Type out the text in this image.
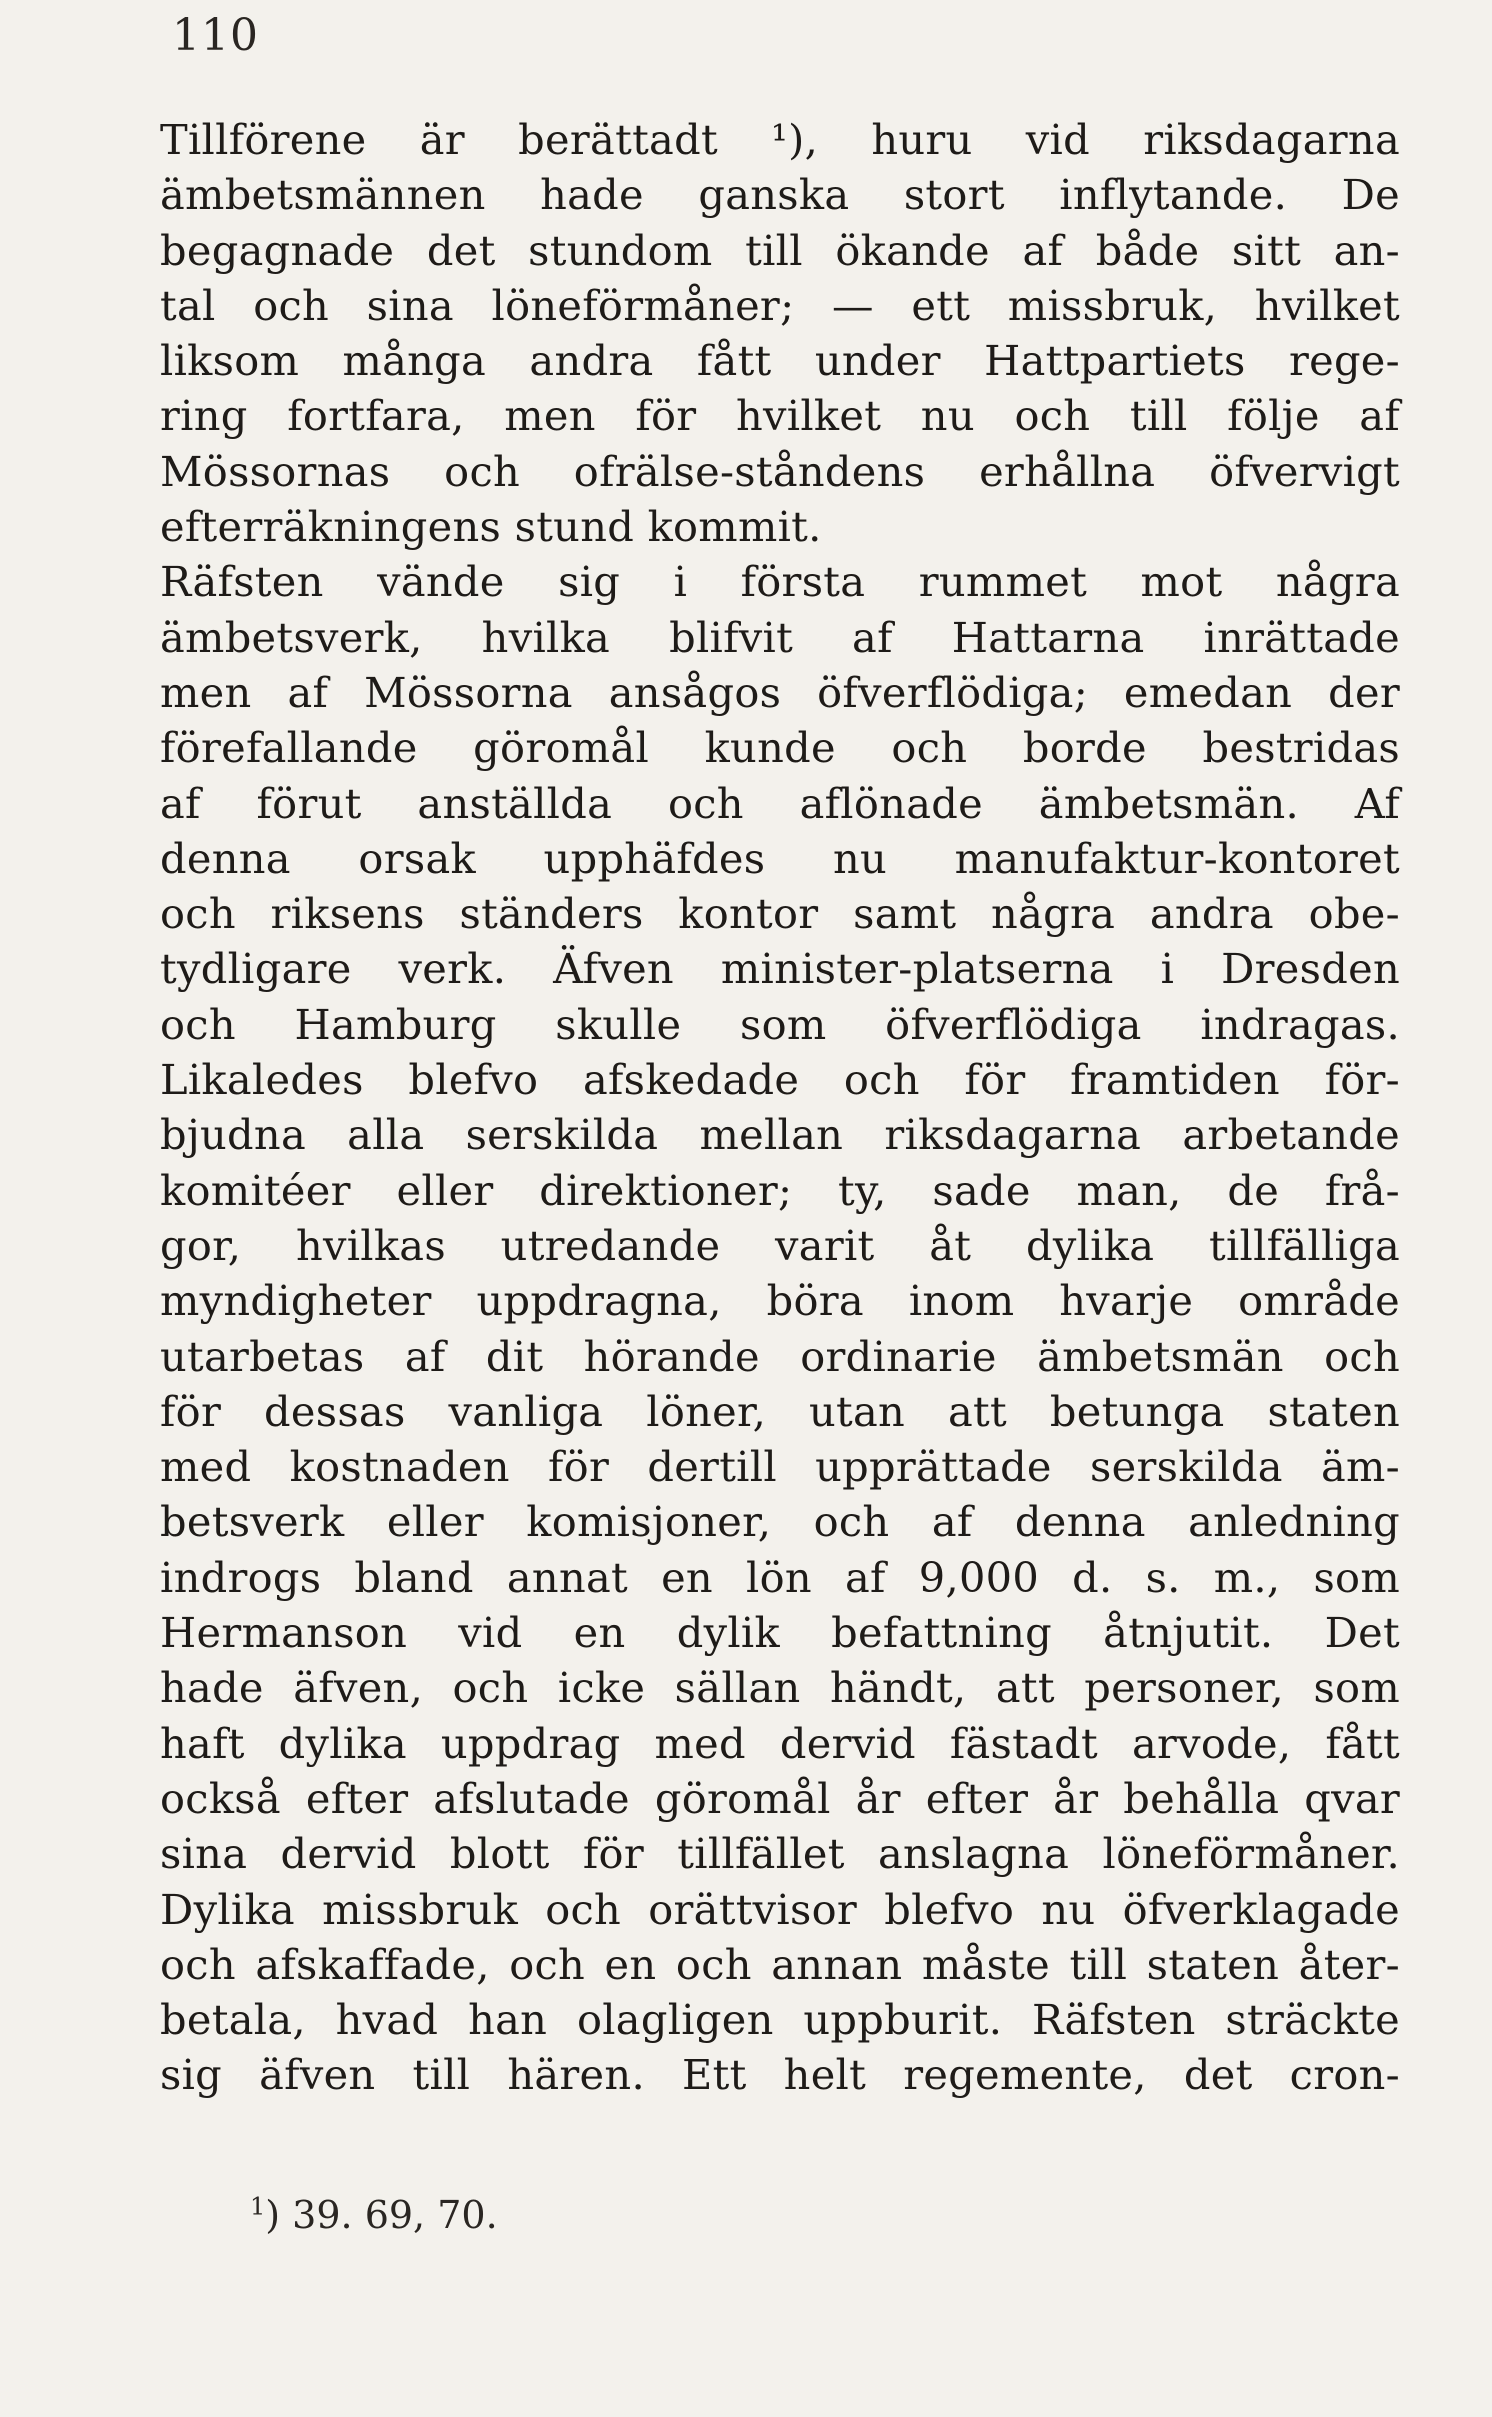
110
Tillförene är berättadt ¹), huru vid riksdagarna
ämbetsmännen hade ganska stort inflytande. De
begagnade det stundom till ökande af både sitt an-
tal och sina löneförmåner; — ett missbruk, hvilket
liksom många andra fått under Hattpartiets rege-
ring fortfara, men för hvilket nu och till följe af
Mössornas och ofrälse-ståndens erhållna öfvervigt
efterräkningens stund kommit.
Räfsten vände sig i första rummet mot några
ämbetsverk, hvilka blifvit af Hattarna inrättade
men af Mössorna ansågos öfverflödiga; emedan der
förefallande göromål kunde och borde bestridas
af förut anställda och aflönade ämbetsmän. Af
denna orsak upphäfdes nu manufaktur-kontoret
och riksens ständers kontor samt några andra obe-
tydligare verk. Äfven minister-platserna i Dresden
och Hamburg skulle som öfverflödiga indragas.
Likaledes blefvo afskedade och för framtiden för-
bjudna alla serskilda mellan riksdagarna arbetande
komitéer eller direktioner; ty, sade man, de frå-
gor, hvilkas utredande varit åt dylika tillfälliga
myndigheter uppdragna, böra inom hvarje område
utarbetas af dit hörande ordinarie ämbetsmän och
för dessas vanliga löner, utan att betunga staten
med kostnaden för dertill upprättade serskilda äm-
betsverk eller komisjoner, och af denna anledning
indrogs bland annat en lön af 9,000 d. s. m., som
Hermanson vid en dylik befattning åtnjutit. Det
hade äfven, och icke sällan händt, att personer, som
haft dylika uppdrag med dervid fästadt arvode, fått
också efter afslutade göromål år efter år behålla qvar
sina dervid blott för tillfället anslagna löneförmåner.
Dylika missbruk och orättvisor blefvo nu öfverklagade
och afskaffade, och en och annan måste till staten åter-
betala, hvad han olagligen uppburit. Räfsten sträckte
sig äfven till hären. Ett helt regemente, det cron-
$^1$) 39. 69, 70.
